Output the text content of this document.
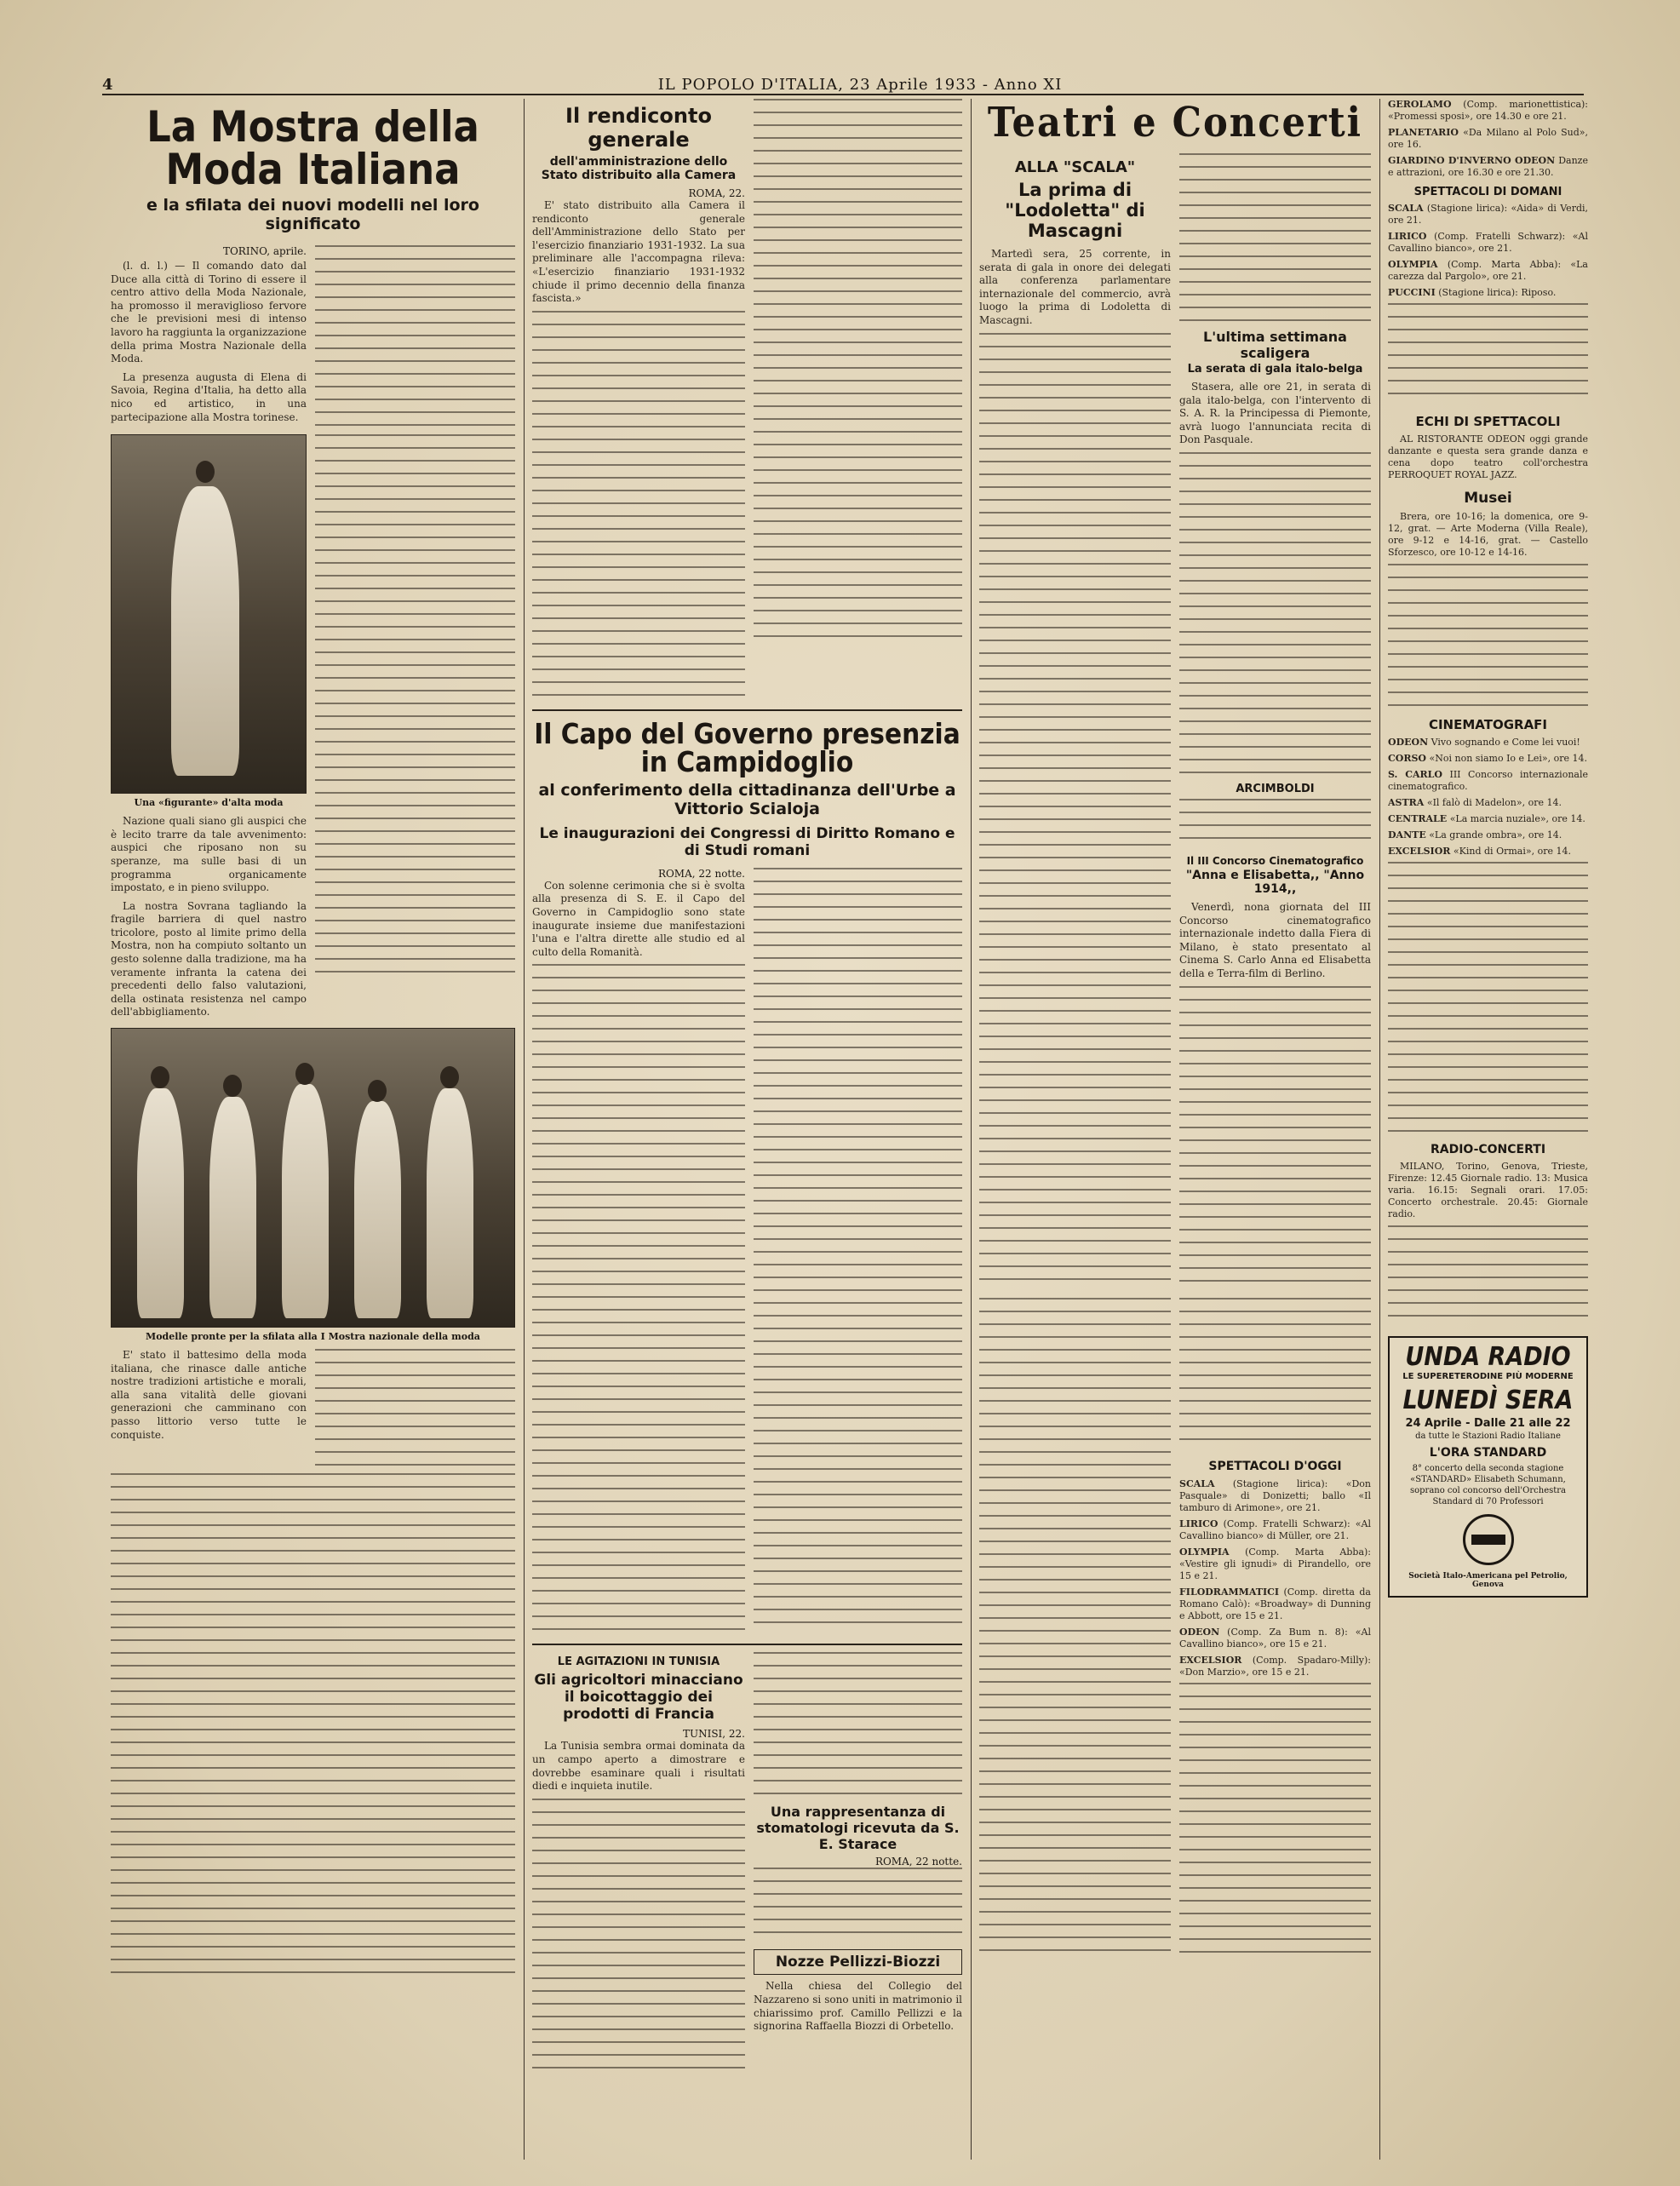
4	IL POPOLO D'ITALIA, 23 Aprile 1933 - Anno XI
La Mostra della Moda Italiana
e la sfilata dei nuovi modelli nel loro significato
TORINO, aprile.

(l. d. l.) — Il comando dato dal Duce alla città di Torino di essere il centro attivo della Moda Nazionale, ha promosso il meraviglioso fervore che le previsioni mesi di intenso lavoro ha raggiunta la organizzazione della prima Mostra Nazionale della Moda.

La presenza augusta di Elena di Savoia, Regina d'Italia, ha detto alla nico ed artistico, in una partecipazione alla Mostra torinese.

Una «figurante» d'alta moda

Nazione quali siano gli auspici che è lecito trarre da tale avvenimento: auspici che riposano non su speranze, ma sulle basi di un programma organicamente impostato, e in pieno sviluppo.

La nostra Sovrana tagliando la fragile barriera di quel nastro tricolore, posto al limite primo della Mostra, non ha compiuto soltanto un gesto solenne dalla tradizione, ma ha veramente infranta la catena dei precedenti dello falso valutazioni, della ostinata resistenza nel campo dell'abbigliamento.

Modelle pronte per la sfilata alla I Mostra nazionale della moda

E' stato il battesimo della moda italiana, che rinasce dalle antiche nostre tradizioni artistiche e morali, alla sana vitalità delle giovani generazioni che camminano con passo littorio verso tutte le conquiste.

Il rendiconto generale
dell'amministrazione dello Stato distribuito alla Camera
ROMA, 22.

E' stato distribuito alla Camera il rendiconto generale dell'Amministrazione dello Stato per l'esercizio finanziario 1931-1932. La sua preliminare alle l'accompagna rileva: «L'esercizio finanziario 1931-1932 chiude il primo decennio della finanza fascista.»

Il Capo del Governo presenzia in Campidoglio
al conferimento della cittadinanza dell'Urbe a Vittorio Scialoja
Le inaugurazioni dei Congressi di Diritto Romano e di Studi romani
ROMA, 22 notte.

Con solenne cerimonia che si è svolta alla presenza di S. E. il Capo del Governo in Campidoglio sono state inaugurate insieme due manifestazioni l'una e l'altra dirette alle studio ed al culto della Romanità.

LE AGITAZIONI IN TUNISIA
Gli agricoltori minacciano il boicottaggio dei prodotti di Francia
TUNISI, 22.

La Tunisia sembra ormai dominata da un campo aperto a dimostrare e dovrebbe esaminare quali i risultati diedi e inquieta inutile.

Una rappresentanza di stomatologi ricevuta da S. E. Starace
ROMA, 22 notte.
Nozze Pellizzi-Biozzi

Nella chiesa del Collegio del Nazzareno si sono uniti in matrimonio il chiarissimo prof. Camillo Pellizzi e la signorina Raffaella Biozzi di Orbetello.

Teatri e Concerti
ALLA "SCALA"
La prima di "Lodoletta" di Mascagni

Martedì sera, 25 corrente, in serata di gala in onore dei delegati alla conferenza parlamentare internazionale del commercio, avrà luogo la prima di Lodoletta di Mascagni.

L'ultima settimana scaligera
La serata di gala italo-belga

Stasera, alle ore 21, in serata di gala italo-belga, con l'intervento di S. A. R. la Principessa di Piemonte, avrà luogo l'annunciata recita di Don Pasquale.

ARCIMBOLDI
Il III Concorso Cinematografico
"Anna e Elisabetta,, "Anno 1914,,

Venerdì, nona giornata del III Concorso cinematografico internazionale indetto dalla Fiera di Milano, è stato presentato al Cinema S. Carlo Anna ed Elisabetta della e Terra-film di Berlino.

SPETTACOLI D'OGGI
SCALA (Stagione lirica): «Don Pasquale» di Donizetti; ballo «Il tamburo di Arimone», ore 21.
LIRICO (Comp. Fratelli Schwarz): «Al Cavallino bianco» di Müller, ore 21.
OLYMPIA (Comp. Marta Abba): «Vestire gli ignudi» di Pirandello, ore 15 e 21.
FILODRAMMATICI (Comp. diretta da Romano Calò): «Broadway» di Dunning e Abbott, ore 15 e 21.
ODEON (Comp. Za Bum n. 8): «Al Cavallino bianco», ore 15 e 21.
EXCELSIOR (Comp. Spadaro-Milly): «Don Marzio», ore 15 e 21.
GEROLAMO (Comp. marionettistica): «Promessi sposi», ore 14.30 e ore 21.
PLANETARIO «Da Milano al Polo Sud», ore 16.
GIARDINO D'INVERNO ODEON Danze e attrazioni, ore 16.30 e ore 21.30.
SPETTACOLI DI DOMANI
SCALA (Stagione lirica): «Aida» di Verdi, ore 21.
LIRICO (Comp. Fratelli Schwarz): «Al Cavallino bianco», ore 21.
OLYMPIA (Comp. Marta Abba): «La carezza dal Pargolo», ore 21.
PUCCINI (Stagione lirica): Riposo.
ECHI DI SPETTACOLI

AL RISTORANTE ODEON oggi grande danzante e questa sera grande danza e cena dopo teatro coll'orchestra PERROQUET ROYAL JAZZ.

Musei

Brera, ore 10-16; la domenica, ore 9-12, grat. — Arte Moderna (Villa Reale), ore 9-12 e 14-16, grat. — Castello Sforzesco, ore 10-12 e 14-16.

CINEMATOGRAFI
ODEON Vivo sognando e Come lei vuoi!
CORSO «Noi non siamo Io e Lei», ore 14.
S. CARLO III Concorso internazionale cinematografico.
ASTRA «Il falò di Madelon», ore 14.
CENTRALE «La marcia nuziale», ore 14.
DANTE «La grande ombra», ore 14.
EXCELSIOR «Kind di Ormai», ore 14.
RADIO-CONCERTI

MILANO, Torino, Genova, Trieste, Firenze: 12.45 Giornale radio. 13: Musica varia. 16.15: Segnali orari. 17.05: Concerto orchestrale. 20.45: Giornale radio.

UNDA RADIO
LE SUPERETERODINE PIÙ MODERNE
LUNEDÌ SERA
24 Aprile - Dalle 21 alle 22
da tutte le Stazioni Radio Italiane
L'ORA STANDARD
8° concerto della seconda stagione «STANDARD» Elisabeth Schumann, soprano col concorso dell'Orchestra Standard di 70 Professori
Società Italo-Americana pel Petrolio, Genova
